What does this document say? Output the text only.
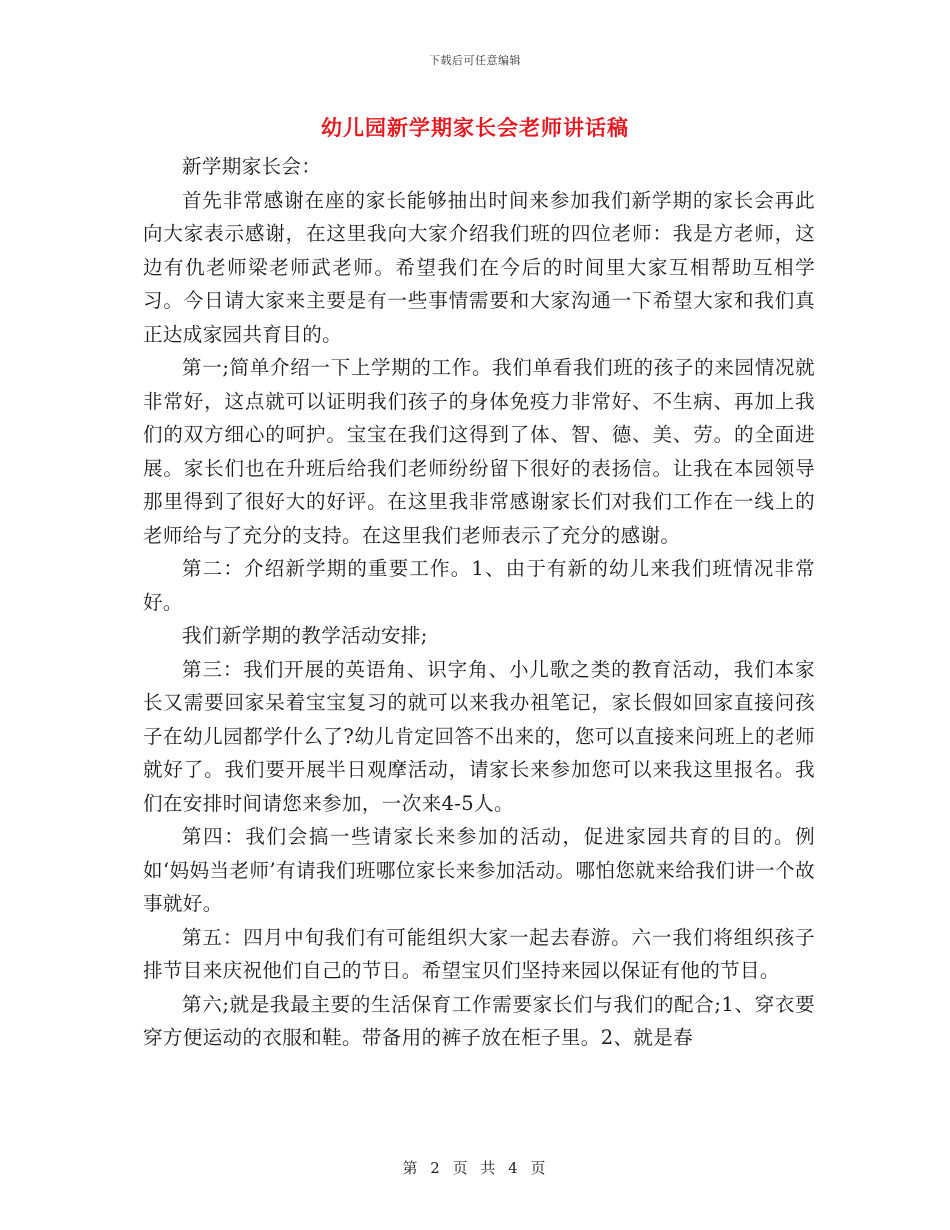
下载后可任意编辑
幼儿园新学期家长会老师讲话稿

新学期家长会：

首先非常感谢在座的家长能够抽出时间来参加我们新学期的家长会再此向大家表示感谢，在这里我向大家介绍我们班的四位老师：我是方老师，这边有仇老师梁老师武老师。希望我们在今后的时间里大家互相帮助互相学习。今日请大家来主要是有一些事情需要和大家沟通一下希望大家和我们真正达成家园共育目的。

第一;简单介绍一下上学期的工作。我们单看我们班的孩子的来园情况就非常好，这点就可以证明我们孩子的身体免疫力非常好、不生病、再加上我们的双方细心的呵护。宝宝在我们这得到了体、智、德、美、劳。的全面进展。家长们也在升班后给我们老师纷纷留下很好的表扬信。让我在本园领导那里得到了很好大的好评。在这里我非常感谢家长们对我们工作在一线上的老师给与了充分的支持。在这里我们老师表示了充分的感谢。

第二：介绍新学期的重要工作。1、由于有新的幼儿来我们班情况非常好。

我们新学期的教学活动安排;

第三：我们开展的英语角、识字角、小儿歌之类的教育活动，我们本家长又需要回家呆着宝宝复习的就可以来我办祖笔记，家长假如回家直接问孩子在幼儿园都学什么了?幼儿肯定回答不出来的，您可以直接来问班上的老师就好了。我们要开展半日观摩活动，请家长来参加您可以来我这里报名。我们在安排时间请您来参加，一次来4-5人。

第四：我们会搞一些请家长来参加的活动，促进家园共育的目的。例如‘妈妈当老师’有请我们班哪位家长来参加活动。哪怕您就来给我们讲一个故事就好。

第五：四月中旬我们有可能组织大家一起去春游。六一我们将组织孩子排节目来庆祝他们自己的节日。希望宝贝们坚持来园以保证有他的节目。

第六;就是我最主要的生活保育工作需要家长们与我们的配合;1、穿衣要穿方便运动的衣服和鞋。带备用的裤子放在柜子里。2、就是春

第 2 页 共 4 页
